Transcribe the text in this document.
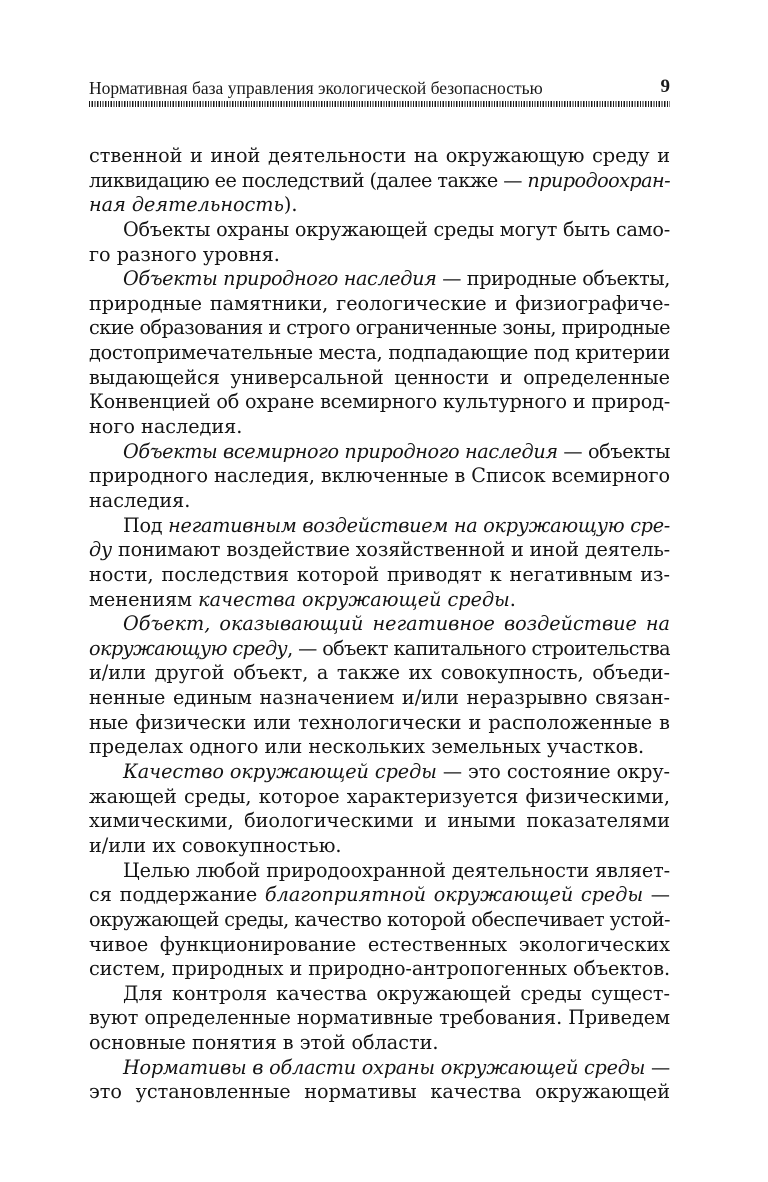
Нормативная база управления экологической безопасностью	9
ственной и иной деятельности на окружающую среду и
ликвидацию ее последствий (далее также — природоохран-
ная деятельность).
Объекты охраны окружающей среды могут быть само-
го разного уровня.
Объекты природного наследия — природные объекты,
природные памятники, геологические и физиографиче-
ские образования и строго ограниченные зоны, природные
достопримечательные места, подпадающие под критерии
выдающейся универсальной ценности и определенные
Конвенцией об охране всемирного культурного и природ-
ного наследия.
Объекты всемирного природного наследия — объекты
природного наследия, включенные в Список всемирного
наследия.
Под негативным воздействием на окружающую сре-
ду понимают воздействие хозяйственной и иной деятель-
ности, последствия которой приводят к негативным из-
менениям качества окружающей среды.
Объект, оказывающий негативное воздействие на
окружающую среду, — объект капитального строительства
и/или другой объект, а также их совокупность, объеди-
ненные единым назначением и/или неразрывно связан-
ные физически или технологически и расположенные в
пределах одного или нескольких земельных участков.
Качество окружающей среды — это состояние окру-
жающей среды, которое характеризуется физическими,
химическими, биологическими и иными показателями
и/или их совокупностью.
Целью любой природоохранной деятельности являет-
ся поддержание благоприятной окружающей среды —
окружающей среды, качество которой обеспечивает устой-
чивое функционирование естественных экологических
систем, природных и природно-антропогенных объектов.
Для контроля качества окружающей среды сущест-
вуют определенные нормативные требования. Приведем
основные понятия в этой области.
Нормативы в области охраны окружающей среды —
это установленные нормативы качества окружающей
